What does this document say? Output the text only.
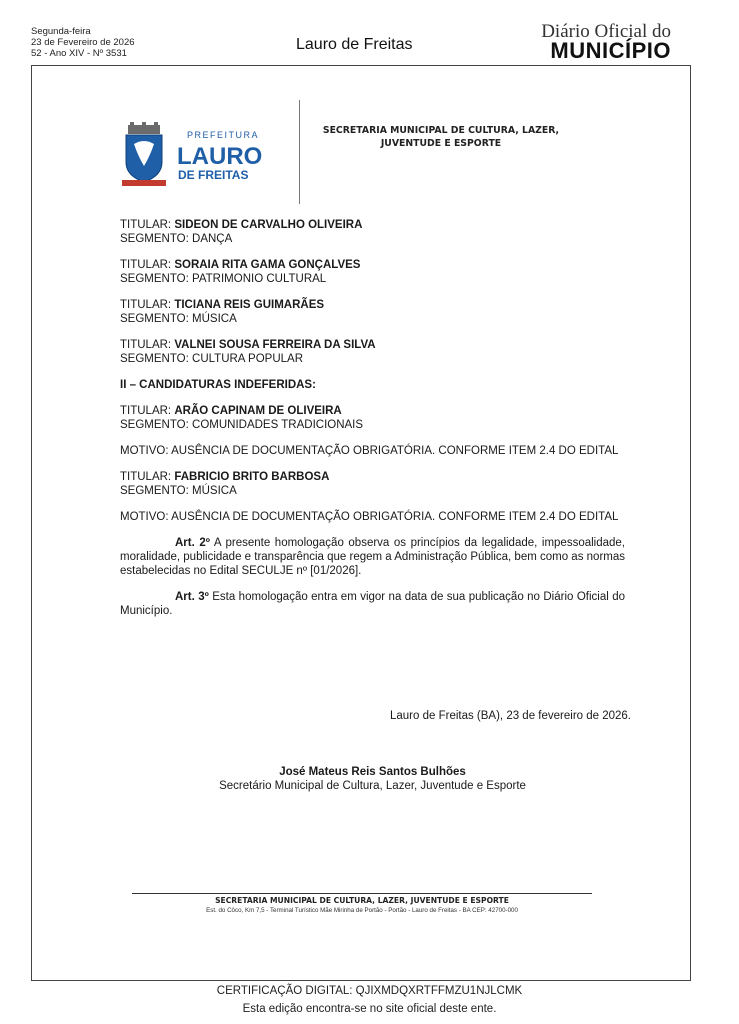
Segunda-feira
23 de Fevereiro de 2026
52 - Ano XIV - Nº 3531
Lauro de Freitas
Diário Oficial do
MUNICÍPIO
PREFEITURA
LAURO
DE FREITAS
SECRETARIA MUNICIPAL DE CULTURA, LAZER,
JUVENTUDE E ESPORTE
TITULAR: SIDEON DE CARVALHO OLIVEIRA
SEGMENTO: DANÇA
TITULAR: SORAIA RITA GAMA GONÇALVES
SEGMENTO: PATRIMONIO CULTURAL
TITULAR: TICIANA REIS GUIMARÃES
SEGMENTO: MÚSICA
TITULAR: VALNEI SOUSA FERREIRA DA SILVA
SEGMENTO: CULTURA POPULAR
II – CANDIDATURAS INDEFERIDAS:
TITULAR: ARÃO CAPINAM DE OLIVEIRA
SEGMENTO: COMUNIDADES TRADICIONAIS
MOTIVO: AUSÊNCIA DE DOCUMENTAÇÃO OBRIGATÓRIA. CONFORME ITEM 2.4 DO EDITAL
TITULAR: FABRICIO BRITO BARBOSA
SEGMENTO: MÚSICA
MOTIVO: AUSÊNCIA DE DOCUMENTAÇÃO OBRIGATÓRIA. CONFORME ITEM 2.4 DO EDITAL
Art. 2º A presente homologação observa os princípios da legalidade, impessoalidade, moralidade, publicidade e transparência que regem a Administração Pública, bem como as normas estabelecidas no Edital SECULJE nº [01/2026].
Art. 3º Esta homologação entra em vigor na data de sua publicação no Diário Oficial do Município.
Lauro de Freitas (BA), 23 de fevereiro de 2026.
José Mateus Reis Santos Bulhões
Secretário Municipal de Cultura, Lazer, Juventude e Esporte
SECRETARIA MUNICIPAL DE CULTURA, LAZER, JUVENTUDE E ESPORTE
Est. do Côco, Km 7,5 - Terminal Turístico Mãe Mirinha de Portão - Portão - Lauro de Freitas - BA CEP: 42700-000
CERTIFICAÇÃO DIGITAL: QJIXMDQXRTFFMZU1NJLCMK
Esta edição encontra-se no site oficial deste ente.
